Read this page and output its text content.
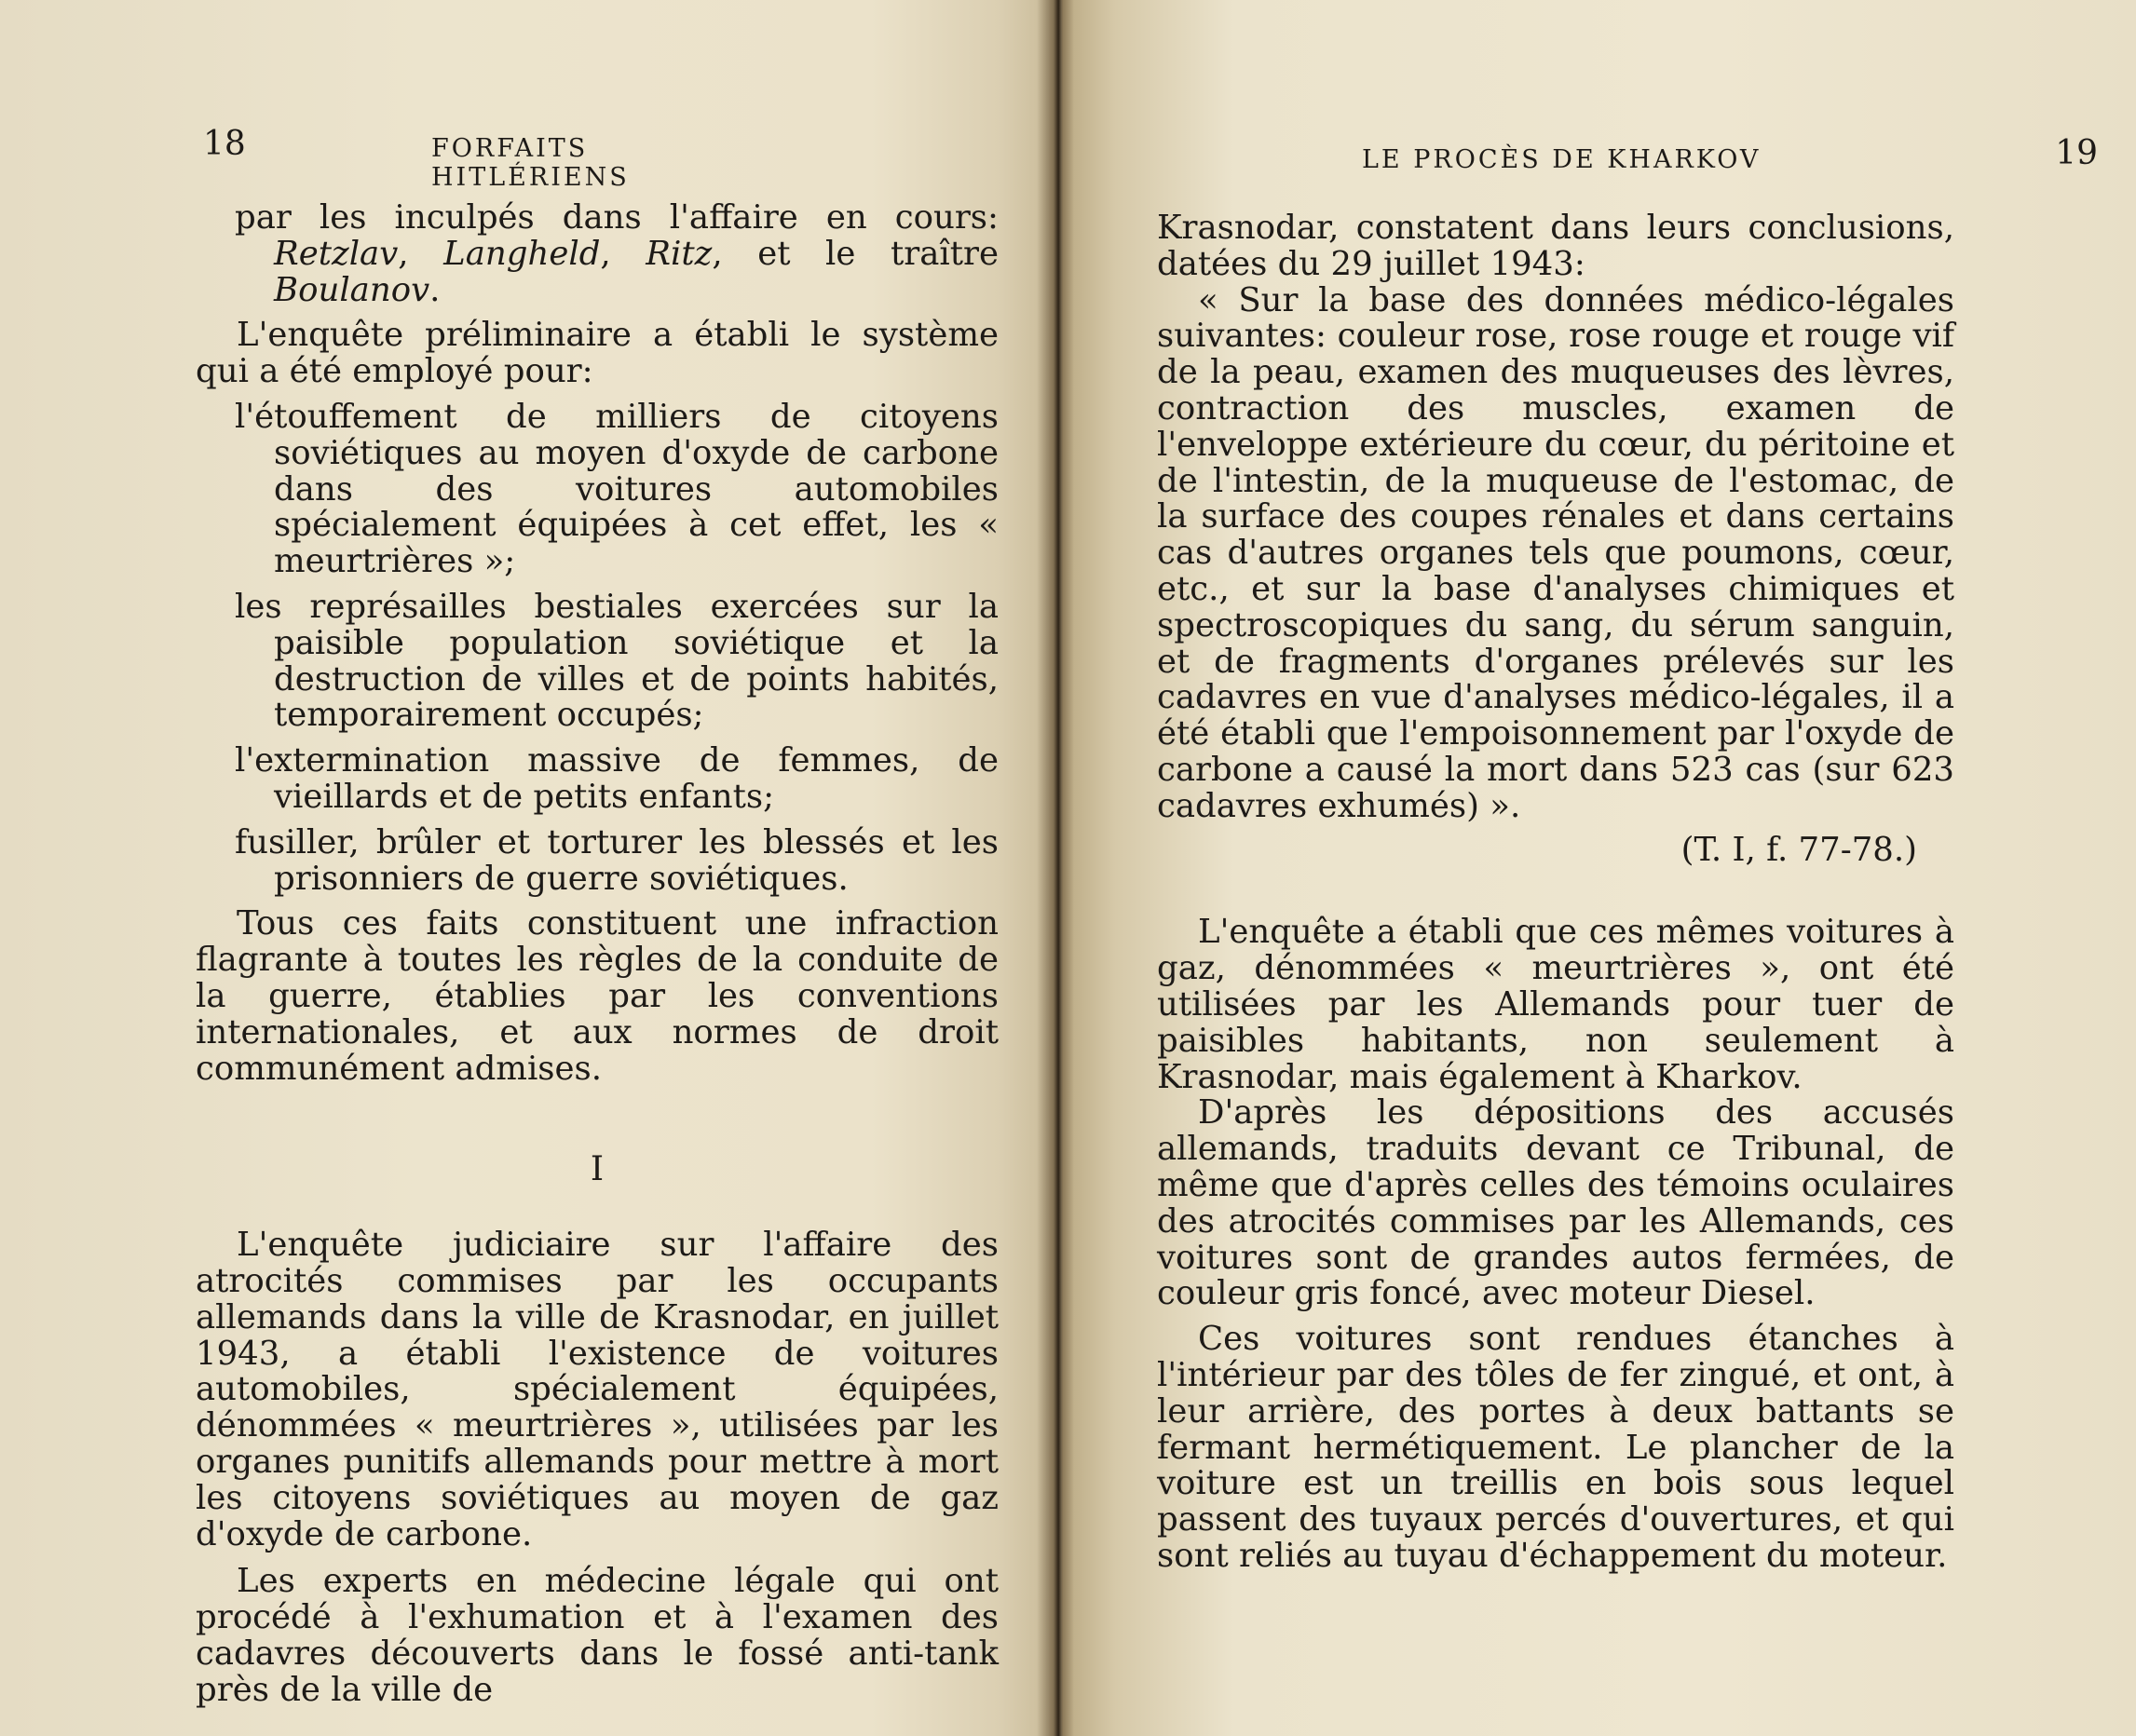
18	FORFAITS HITLÉRIENS

par les inculpés dans l'affaire en cours: Retzlav, Langheld, Ritz, et le traître Boulanov.

L'enquête préliminaire a établi le système qui a été employé pour:

l'étouffement de milliers de citoyens soviétiques au moyen d'oxyde de carbone dans des voitures automobiles spécialement équipées à cet effet, les « meurtrières »;

les représailles bestiales exercées sur la paisible population soviétique et la destruction de villes et de points habités, temporairement occupés;

l'extermination massive de femmes, de vieillards et de petits enfants;

fusiller, brûler et torturer les blessés et les prisonniers de guerre soviétiques.

Tous ces faits constituent une infraction flagrante à toutes les règles de la conduite de la guerre, établies par les conventions internationales, et aux normes de droit communément admises.

I

L'enquête judiciaire sur l'affaire des atrocités commises par les occupants allemands dans la ville de Krasnodar, en juillet 1943, a établi l'existence de voitures automobiles, spécialement équipées, dénommées « meurtrières », utilisées par les organes punitifs allemands pour mettre à mort les citoyens soviétiques au moyen de gaz d'oxyde de carbone.

Les experts en médecine légale qui ont procédé à l'exhumation et à l'examen des cadavres découverts dans le fossé anti-tank près de la ville de

LE PROCÈS DE KHARKOV	19

Krasnodar, constatent dans leurs conclusions, datées du 29 juillet 1943:

« Sur la base des données médico-légales suivantes: couleur rose, rose rouge et rouge vif de la peau, examen des muqueuses des lèvres, contraction des muscles, examen de l'enveloppe extérieure du cœur, du péritoine et de l'intestin, de la muqueuse de l'estomac, de la surface des coupes rénales et dans certains cas d'autres organes tels que poumons, cœur, etc., et sur la base d'analyses chimiques et spectroscopiques du sang, du sérum sanguin, et de fragments d'organes prélevés sur les cadavres en vue d'analyses médico-légales, il a été établi que l'empoisonnement par l'oxyde de carbone a causé la mort dans 523 cas (sur 623 cadavres exhumés) ».

(T. I, f. 77-78.)

L'enquête a établi que ces mêmes voitures à gaz, dénommées « meurtrières », ont été utilisées par les Allemands pour tuer de paisibles habitants, non seulement à Krasnodar, mais également à Kharkov.

D'après les dépositions des accusés allemands, traduits devant ce Tribunal, de même que d'après celles des témoins oculaires des atrocités commises par les Allemands, ces voitures sont de grandes autos fermées, de couleur gris foncé, avec moteur Diesel.

Ces voitures sont rendues étanches à l'intérieur par des tôles de fer zingué, et ont, à leur arrière, des portes à deux battants se fermant hermétiquement. Le plancher de la voiture est un treillis en bois sous lequel passent des tuyaux percés d'ouvertures, et qui sont reliés au tuyau d'échappement du moteur.
